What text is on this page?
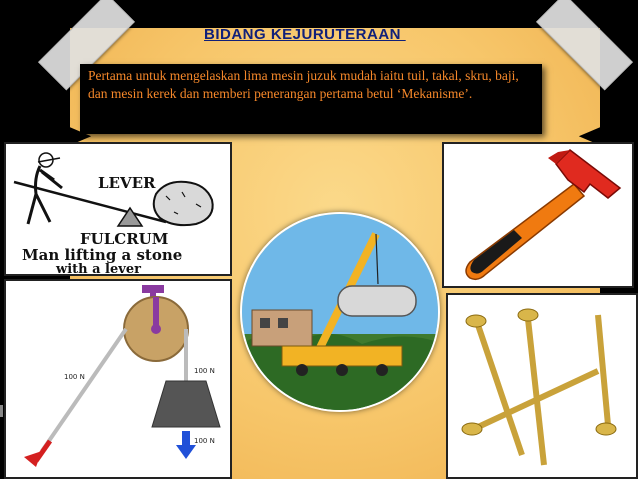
BIDANG KEJURUTERAAN
Pertama untuk mengelaskan lima mesin juzuk mudah iaitu tuil, takal, skru, baji, dan mesin kerek dan memberi penerangan pertama betul ‘Mekanisme’.
LEVER
FULCRUM
Man lifting a stone
with a lever
100 N
100 N
100 N
